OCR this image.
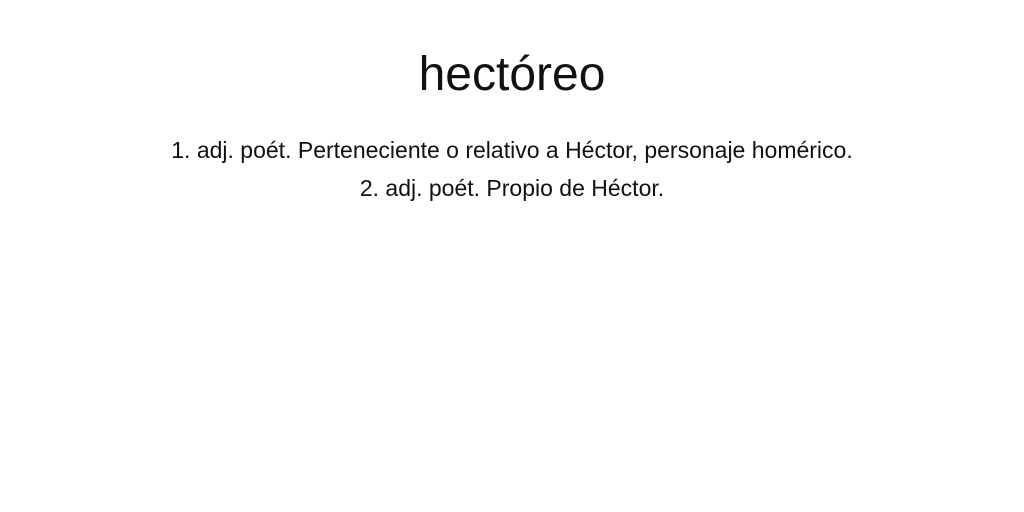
hectóreo
1. adj. poét. Perteneciente o relativo a Héctor, personaje homérico.
2. adj. poét. Propio de Héctor.
